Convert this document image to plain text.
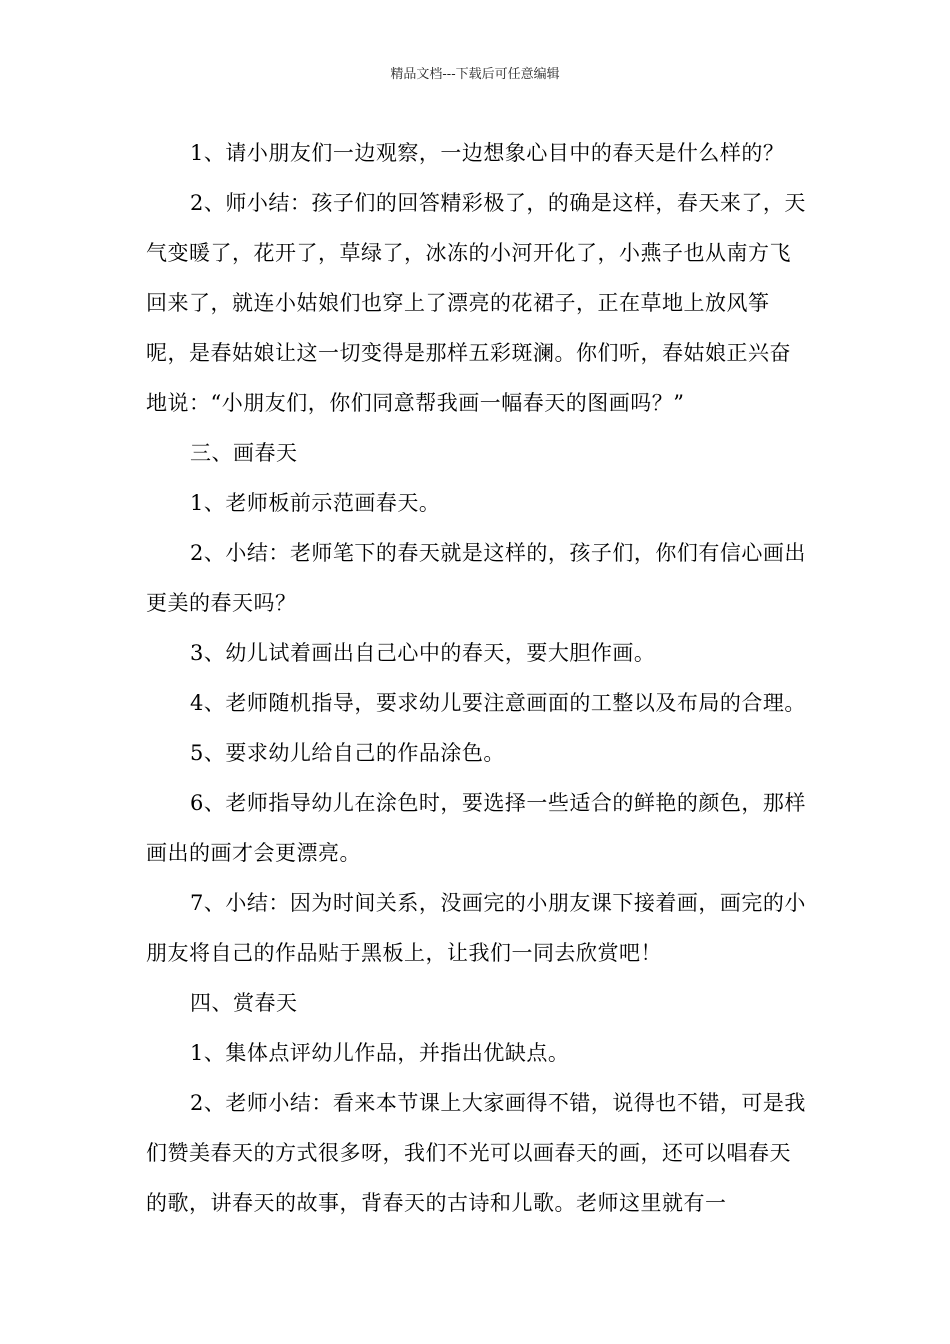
精品文档---下载后可任意编辑

1、请小朋友们一边观察，一边想象心目中的春天是什么样的？

2、师小结：孩子们的回答精彩极了，的确是这样，春天来了，天气变暖了，花开了，草绿了，冰冻的小河开化了，小燕子也从南方飞回来了，就连小姑娘们也穿上了漂亮的花裙子，正在草地上放风筝呢，是春姑娘让这一切变得是那样五彩斑澜。你们听，春姑娘正兴奋地说：“小朋友们，你们同意帮我画一幅春天的图画吗？”

三、画春天

1、老师板前示范画春天。

2、小结：老师笔下的春天就是这样的，孩子们，你们有信心画出更美的春天吗？

3、幼儿试着画出自己心中的春天，要大胆作画。

4、老师随机指导，要求幼儿要注意画面的工整以及布局的合理。

5、要求幼儿给自己的作品涂色。

6、老师指导幼儿在涂色时，要选择一些适合的鲜艳的颜色，那样画出的画才会更漂亮。

7、小结：因为时间关系，没画完的小朋友课下接着画，画完的小朋友将自己的作品贴于黑板上，让我们一同去欣赏吧！

四、赏春天

1、集体点评幼儿作品，并指出优缺点。

2、老师小结：看来本节课上大家画得不错，说得也不错，可是我们赞美春天的方式很多呀，我们不光可以画春天的画，还可以唱春天的歌，讲春天的故事，背春天的古诗和儿歌。老师这里就有一
